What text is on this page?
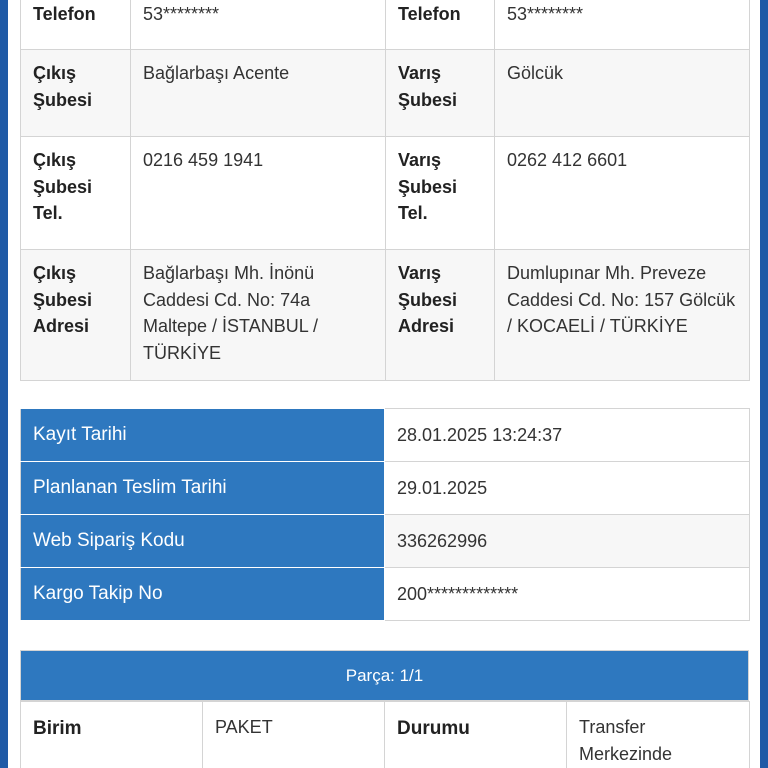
Telefon	53********	Telefon	53********
Çıkış Şubesi	Bağlarbaşı Acente	Varış Şubesi	Gölcük
Çıkış Şubesi Tel.	0216 459 1941	Varış Şubesi Tel.	0262 412 6601
Çıkış Şubesi Adresi	Bağlarbaşı Mh. İnönü Caddesi Cd. No: 74a Maltepe / İSTANBUL / TÜRKİYE	Varış Şubesi Adresi	Dumlupınar Mh. Preveze Caddesi Cd. No: 157 Gölcük / KOCAELİ / TÜRKİYE
Kayıt Tarihi	28.01.2025 13:24:37
Planlanan Teslim Tarihi	29.01.2025
Web Sipariş Kodu	336262996
Kargo Takip No	200*************
Parça: 1/1
Birim	PAKET	Durumu	Transfer Merkezinde
